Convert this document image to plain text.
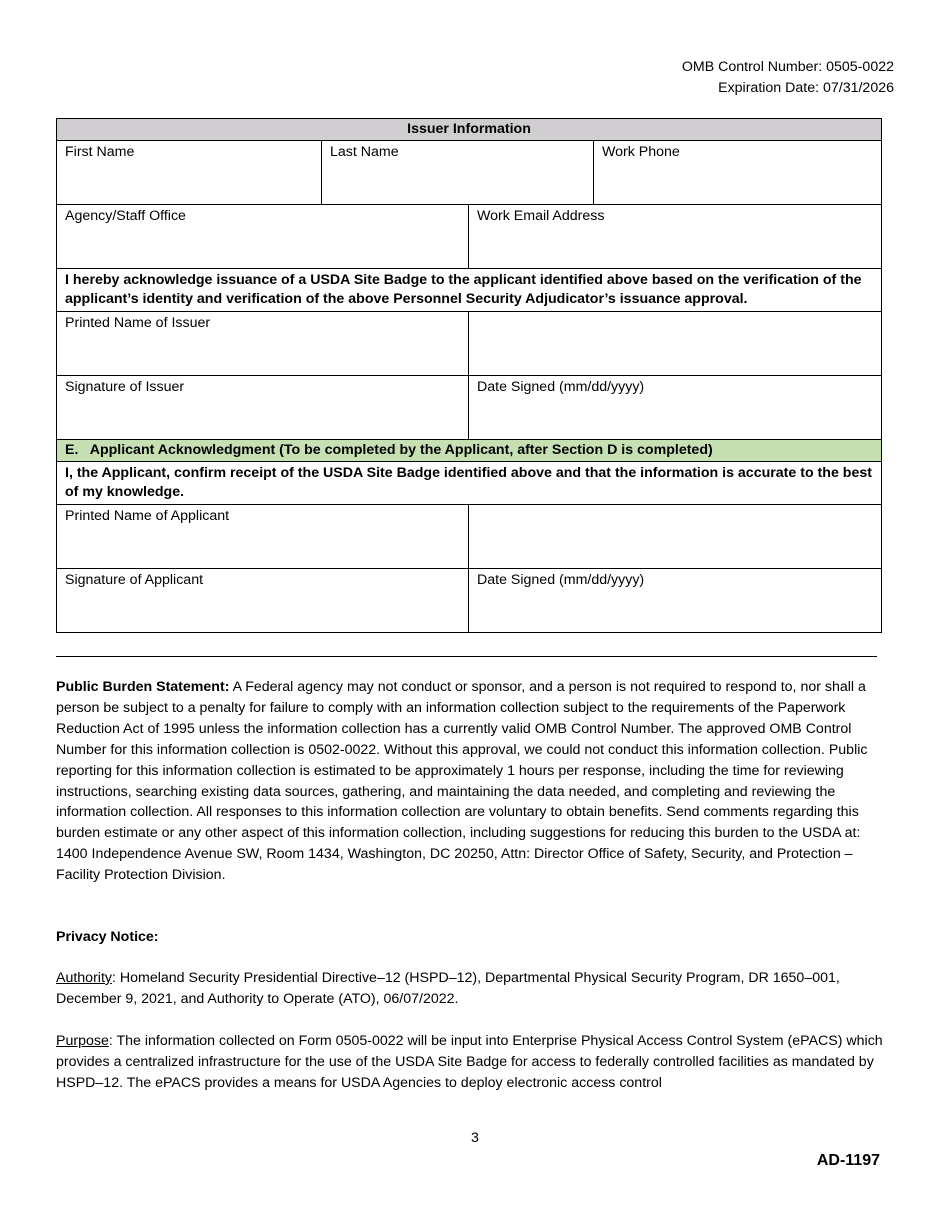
OMB Control Number: 0505-0022
Expiration Date: 07/31/2026
Issuer Information			
First Name	Last Name		Work Phone
Agency/Staff Office		Work Email Address	
I hereby acknowledge issuance of a USDA Site Badge to the applicant identified above based on the verification of the applicant’s identity and verification of the above Personnel Security Adjudicator’s issuance approval.			
Printed Name of Issuer			
Signature of Issuer		Date Signed (mm/dd/yyyy)	
E.   Applicant Acknowledgment (To be completed by the Applicant, after Section D is completed)			
I, the Applicant, confirm receipt of the USDA Site Badge identified above and that the information is accurate to the best of my knowledge.			
Printed Name of Applicant			
Signature of Applicant		Date Signed (mm/dd/yyyy)	
Public Burden Statement: A Federal agency may not conduct or sponsor, and a person is not required to respond to, nor shall a person be subject to a penalty for failure to comply with an information collection subject to the requirements of the Paperwork Reduction Act of 1995 unless the information collection has a currently valid OMB Control Number. The approved OMB Control Number for this information collection is 0502-0022. Without this approval, we could not conduct this information collection. Public reporting for this information collection is estimated to be approximately 1 hours per response, including the time for reviewing instructions, searching existing data sources, gathering, and maintaining the data needed, and completing and reviewing the information collection. All responses to this information collection are voluntary to obtain benefits. Send comments regarding this burden estimate or any other aspect of this information collection, including suggestions for reducing this burden to the USDA at: 1400 Independence Avenue SW, Room 1434, Washington, DC 20250, Attn: Director Office of Safety, Security, and Protection – Facility Protection Division.
Privacy Notice:
Authority: Homeland Security Presidential Directive–12 (HSPD–12), Departmental Physical Security Program, DR 1650–001, December 9, 2021, and Authority to Operate (ATO), 06/07/2022.
Purpose: The information collected on Form 0505-0022 will be input into Enterprise Physical Access Control System (ePACS) which provides a centralized infrastructure for the use of the USDA Site Badge for access to federally controlled facilities as mandated by HSPD–12. The ePACS provides a means for USDA Agencies to deploy electronic access control
3
AD-1197
